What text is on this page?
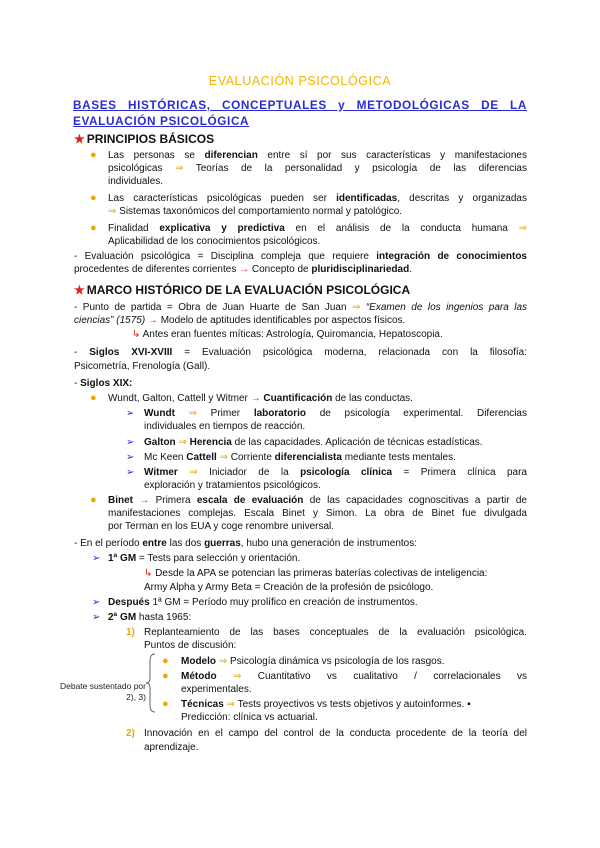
EVALUACIÓN PSICOLÓGICA
BASES HISTÓRICAS, CONCEPTUALES y METODOLÓGICAS DE LA EVALUACIÓN PSICOLÓGICA
★ PRINCIPIOS BÁSICOS
● Las personas se diferencian entre sí por sus características y manifestaciones
psicológicas ⇒ Teorías de la personalidad y psicología de las diferencias
individuales.
● Las características psicológicas pueden ser identificadas, descritas y organizadas
⇒ Sistemas taxonómicos del comportamiento normal y patológico.
● Finalidad explicativa y predictiva en el análisis de la conducta humana ⇒
Aplicabilidad de los conocimientos psicológicos.
- Evaluación psicológica = Disciplina compleja que requiere integración de conocimientos
procedentes de diferentes corrientes → Concepto de pluridisciplinariedad.
★ MARCO HISTÓRICO DE LA EVALUACIÓN PSICOLÓGICA
- Punto de partida = Obra de Juan Huarte de San Juan ⇒ “Examen de los ingenios para las
ciencias” (1575) → Modelo de aptitudes identificables por aspectos físicos.
↳ Antes eran fuentes míticas: Astrología, Quiromancia, Hepatoscopia.
- Siglos XVI-XVIII = Evaluación psicológica moderna, relacionada con la filosofía:
Psicometría, Frenología (Gall).
- Siglos XIX:
● Wundt, Galton, Cattell y Witmer → Cuantificación de las conductas.
➢ Wundt ⇒ Primer laboratorio de psicología experimental. Diferencias
individuales en tiempos de reacción.
➢ Galton ⇒ Herencia de las capacidades. Aplicación de técnicas estadísticas.
➢ Mc Keen Cattell ⇒ Corriente diferencialista mediante tests mentales.
➢ Witmer ⇒ Iniciador de la psicología clínica = Primera clínica para
exploración y tratamientos psicológicos.
● Binet → Primera escala de evaluación de las capacidades cognoscitivas a partir de
manifestaciones complejas. Escala Binet y Simon. La obra de Binet fue divulgada
por Terman en los EUA y coge renombre universal.
- En el período entre las dos guerras, hubo una generación de instrumentos:
➢ 1ª GM = Tests para selección y orientación.
↳ Desde la APA se potencian las primeras baterías colectivas de inteligencia:
Army Alpha y Army Beta = Creación de la profesión de psicólogo.
➢ Después 1ª GM = Período muy prolífico en creación de instrumentos.
➢ 2ª GM hasta 1965:
1) Replanteamiento de las bases conceptuales de la evaluación psicológica.
Puntos de discusión:
Debate sustentado por 2), 3)
● Modelo ⇒ Psicología dinámica vs psicología de los rasgos.
● Método ⇒ Cuantitativo vs cualitativo / correlacionales vs
experimentales.
● Técnicas ⇒ Tests proyectivos vs tests objetivos y autoinformes. ▪
Predicción: clínica vs actuarial.
2) Innovación en el campo del control de la conducta procedente de la teoría del
aprendizaje.
